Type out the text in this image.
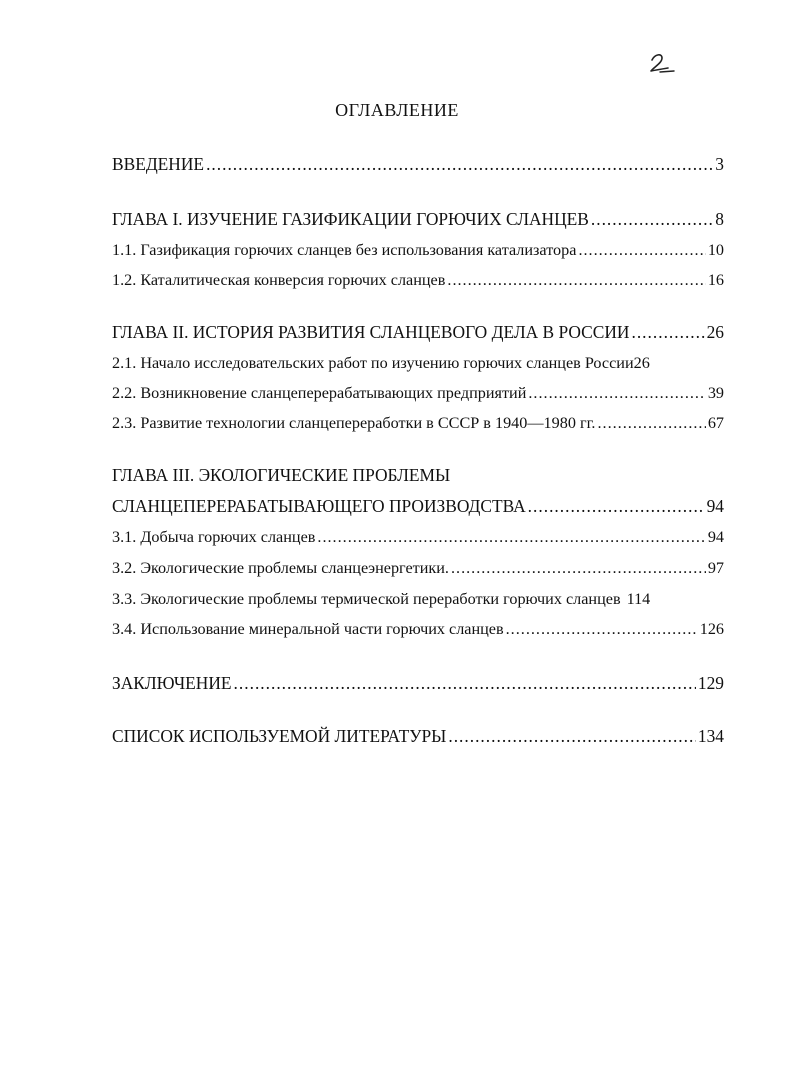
ОГЛАВЛЕНИЕ
ВВЕДЕНИЕ .....	3
ГЛАВА I. ИЗУЧЕНИЕ ГАЗИФИКАЦИИ ГОРЮЧИХ СЛАНЦЕВ .....	8
1.1. Газификация горючих сланцев без использования катализатора .....	10
1.2. Каталитическая конверсия горючих сланцев .....	16
ГЛАВА II. ИСТОРИЯ РАЗВИТИЯ СЛАНЦЕВОГО ДЕЛА В РОССИИ .....	26
2.1. Начало исследовательских работ по изучению горючих сланцев России 26
2.2. Возникновение сланцеперерабатывающих предприятий .....	39
2.3. Развитие технологии сланцепереработки в СССР в 1940—1980 гг. .....	67
ГЛАВА III. ЭКОЛОГИЧЕСКИЕ ПРОБЛЕМЫ
СЛАНЦЕПЕРЕРАБАТЫВАЮЩЕГО ПРОИЗВОДСТВА .....	94
3.1. Добыча горючих сланцев .....	94
3.2. Экологические проблемы сланцеэнергетики. .....	97
3.3. Экологические проблемы термической переработки горючих сланцев 114
3.4. Использование минеральной части горючих сланцев .....	126
ЗАКЛЮЧЕНИЕ .....	129
СПИСОК ИСПОЛЬЗУЕМОЙ ЛИТЕРАТУРЫ .....	134
